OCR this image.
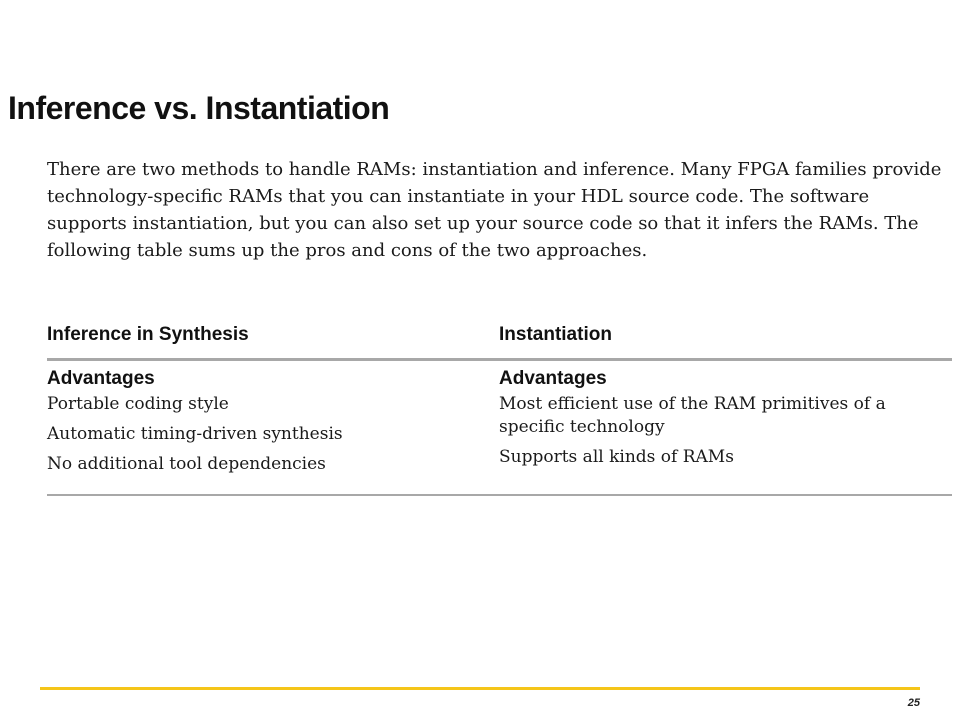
Inference vs. Instantiation

There are two methods to handle RAMs: instantiation and inference. Many FPGA families provide technology-specific RAMs that you can instantiate in your HDL source code. The software supports instantiation, but you can also set up your source code so that it infers the RAMs. The following table sums up the pros and cons of the two approaches.

Inference in Synthesis	Instantiation
Advantages
Portable coding style
Automatic timing-driven synthesis
No additional tool dependencies
Advantages
Most efficient use of the RAM primitives of a specific technology
Supports all kinds of RAMs
25
